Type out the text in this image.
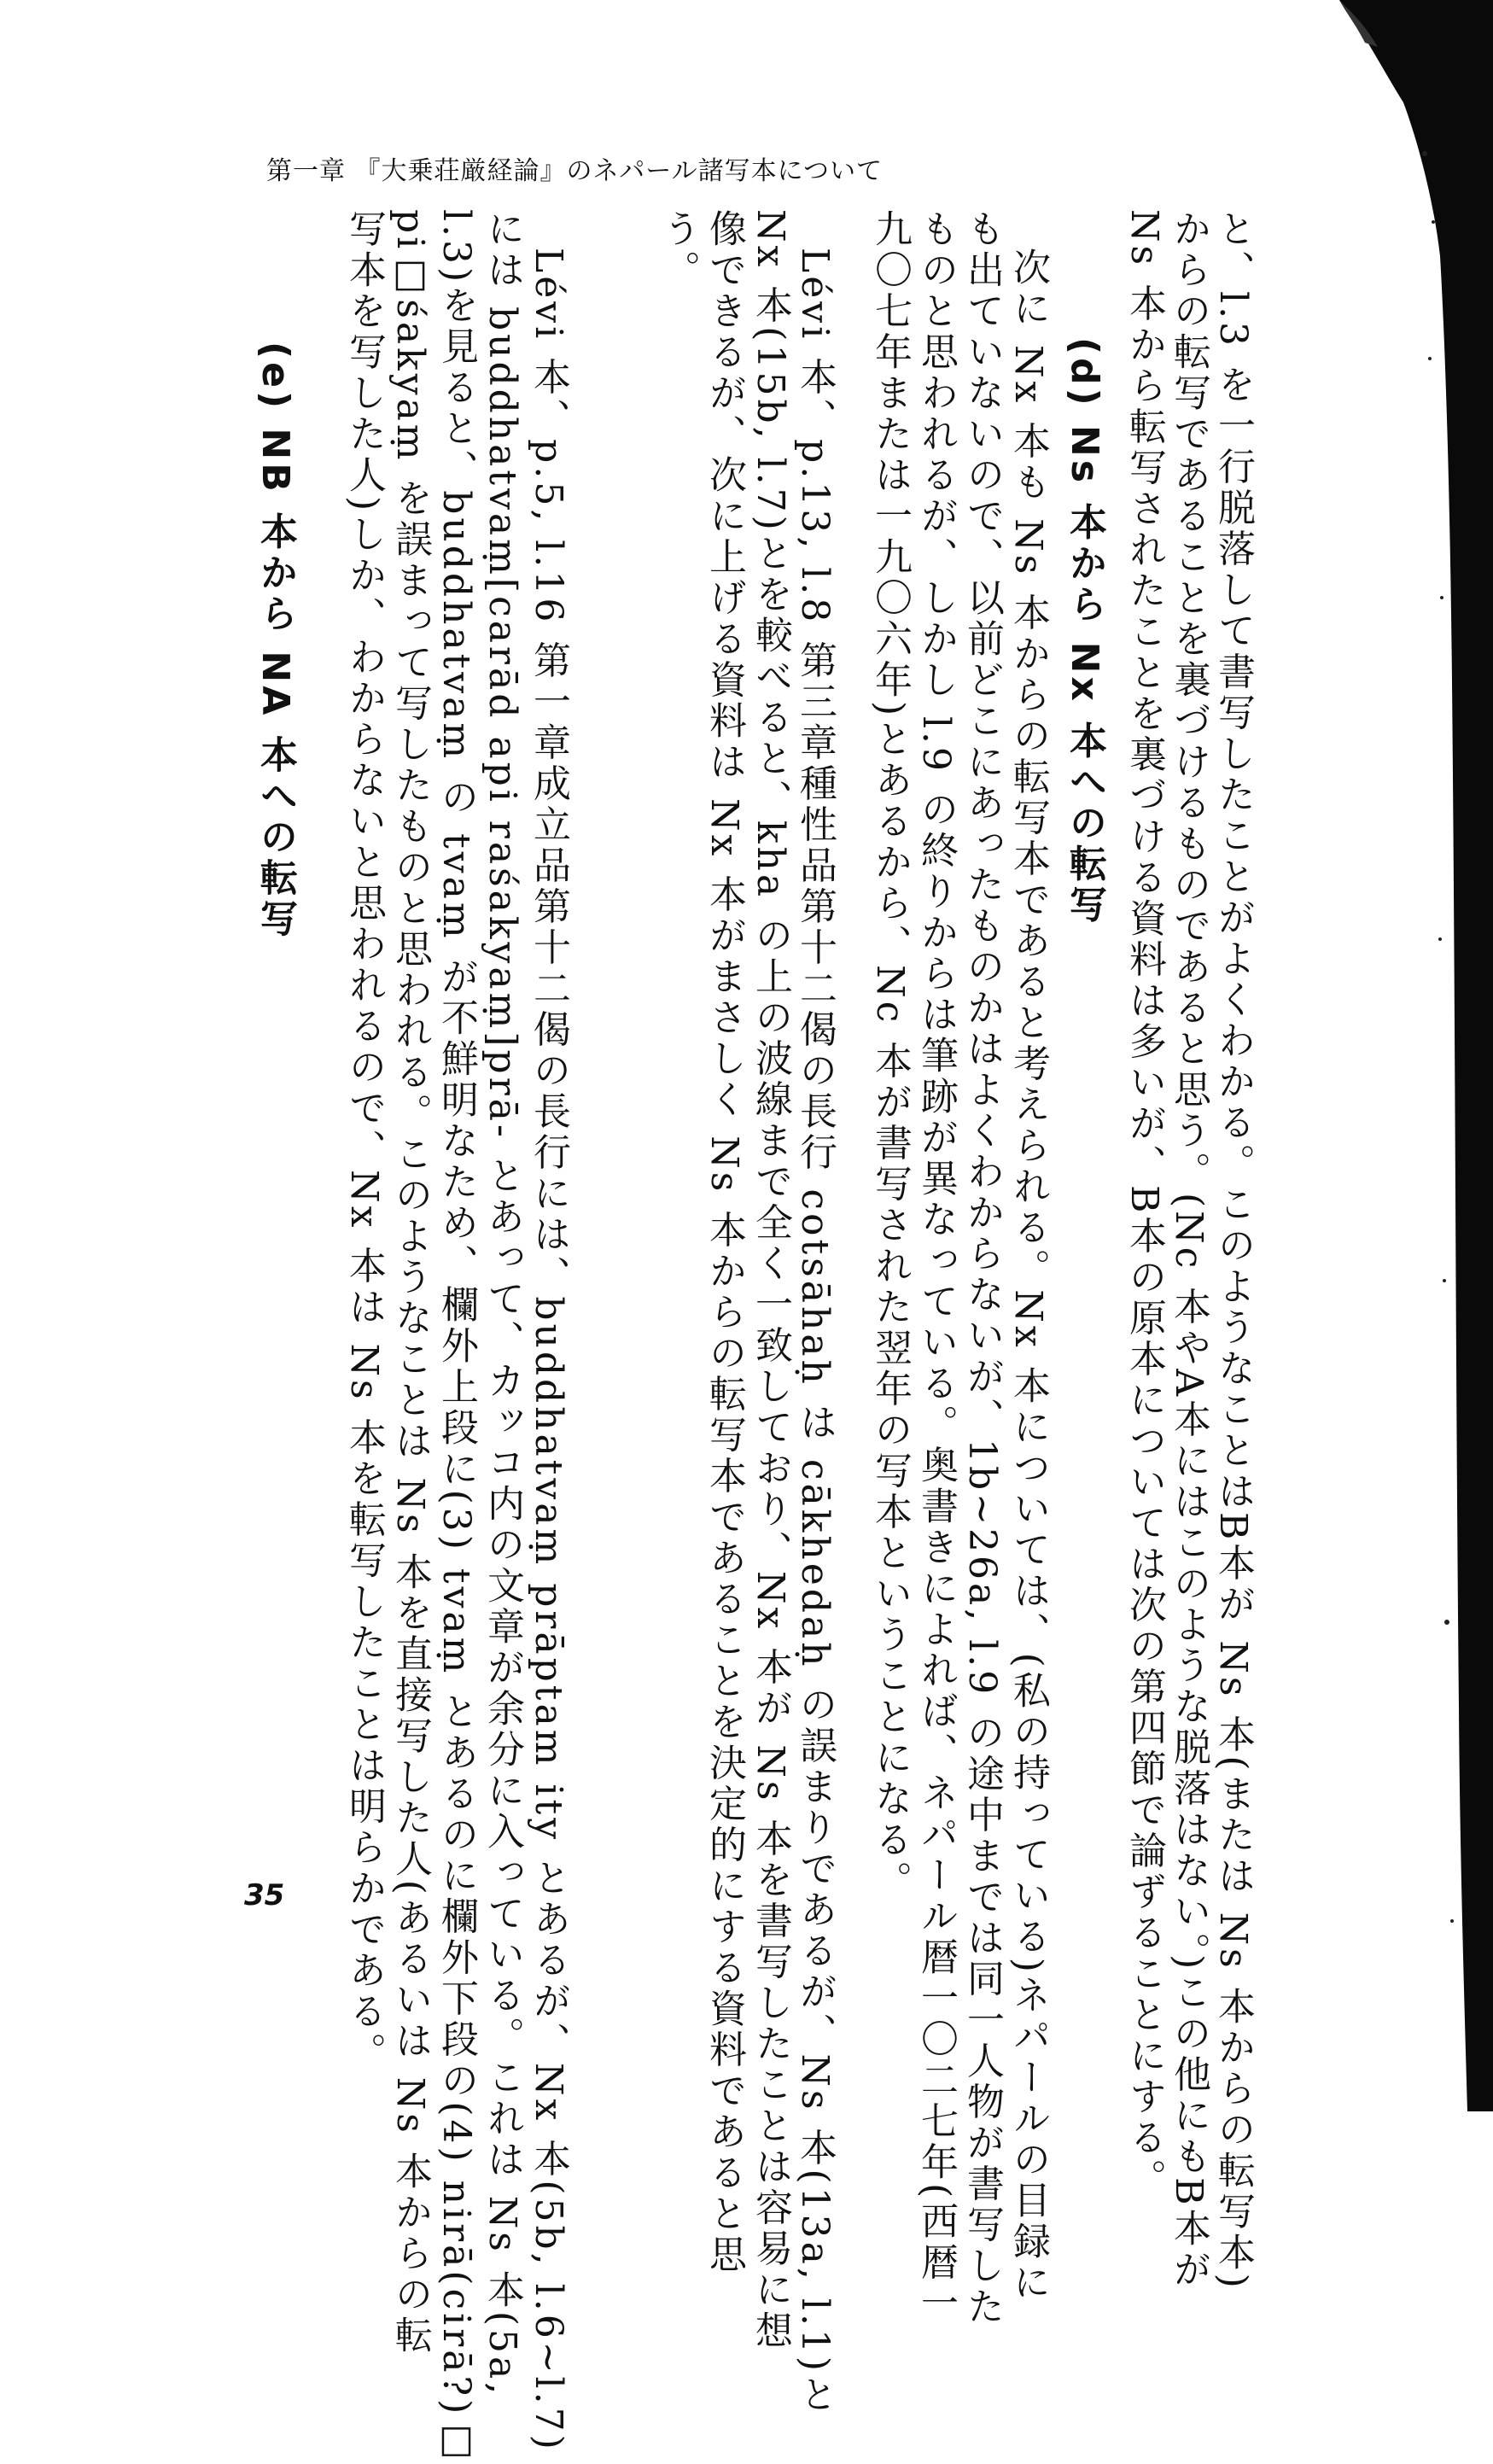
第一章 『大乗荘厳経論』のネパール諸写本について
と、l.3 を一行脱落して書写したことがよくわかる。このようなことはB本が Ns 本(または Ns 本からの転写本)
からの転写であることを裏づけるものであると思う。(Nc 本やA本にはこのような脱落はない。)この他にもB本が
Ns 本から転写されたことを裏づける資料は多いが、B本の原本については次の第四節で論ずることにする。
(d) Ns 本から Nx 本への転写
次に Nx 本も Ns 本からの転写本であると考えられる。Nx 本については、(私の持っている)ネパールの目録に
も出ていないので、以前どこにあったものかはよくわからないが、1b~26a, l.9 の途中までは同一人物が書写した
ものと思われるが、しかし l.9 の終りからは筆跡が異なっている。奥書きによれば、ネパール暦一〇二七年(西暦一
九〇七年または一九〇六年)とあるから、Nc 本が書写された翌年の写本ということになる。
Lévi 本、p.13, l.8 第三章種性品第十二偈の長行 cotsāhaḥ は cākhedaḥ の誤まりであるが、Ns 本(13a, l.1)と
Nx 本(15b, l.7)とを較べると、kha の上の波線まで全く一致しており、Nx 本が Ns 本を書写したことは容易に想
像できるが、次に上げる資料は Nx 本がまさしく Ns 本からの転写本であることを決定的にする資料であると思
う。
Lévi 本、p.5, l.16 第一章成立品第十二偈の長行には、buddhatvaṃ prāptam ity とあるが、Nx 本(5b, l.6~l.7)
には buddhatvaṃ[carād api raśakyaṃ]prā- とあって、カッコ内の文章が余分に入っている。これは Ns 本(5a,
l.3)を見ると、buddhatvaṃ の tvaṃ が不鮮明なため、欄外上段に(3) tvaṃ とあるのに欄外下段の(4) nirā(cirā?)□
pi□śakyaṃ を誤まって写したものと思われる。このようなことは Ns 本を直接写した人(あるいは Ns 本からの転
写本を写した人)しか、わからないと思われるので、Nx 本は Ns 本を転写したことは明らかである。
(e) NB 本から NA 本への転写
35
